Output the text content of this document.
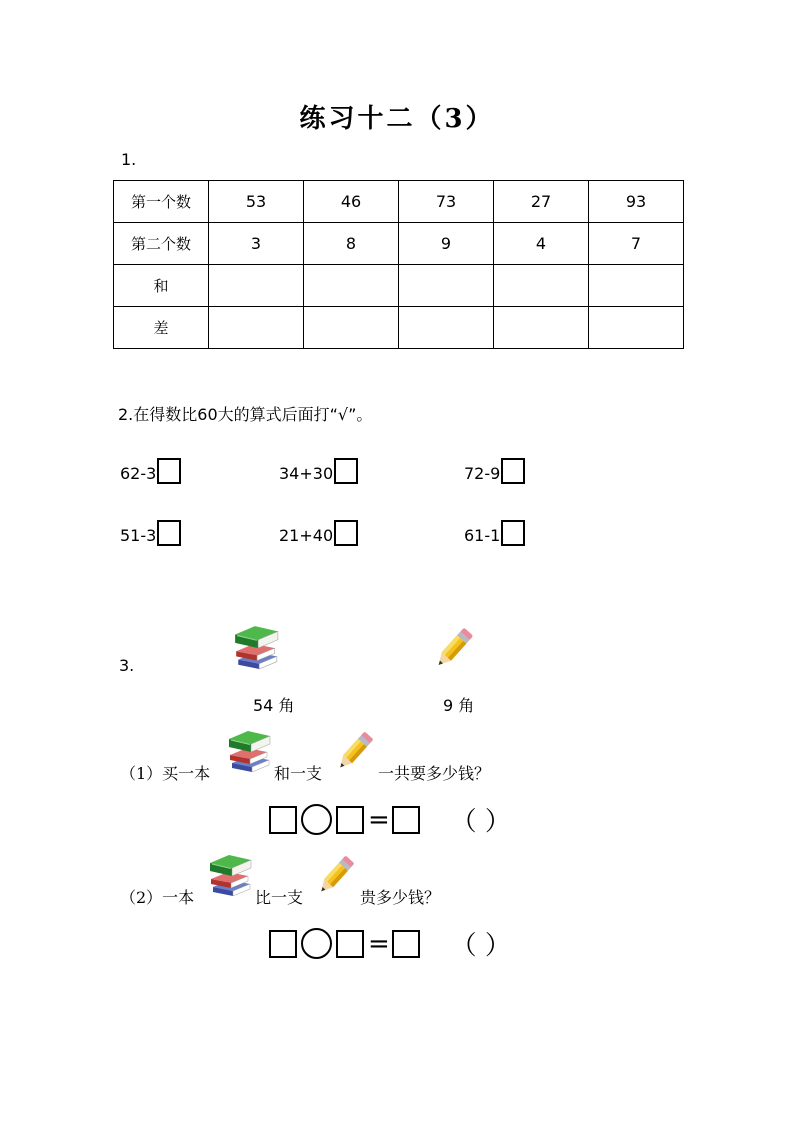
练习十二（3）
1.
第一个数	53	46	73	27	93
第二个数	3	8	9	4	7
和					
差					
2.在得数比60大的算式后面打“√”。
62-3	34+30	72-9
51-3	21+40	61-1
3.
54 角	9 角
（1）买一本	和一支	一共要多少钱？
= （ ）
（2）一本	比一支	贵多少钱？
= （ ）
